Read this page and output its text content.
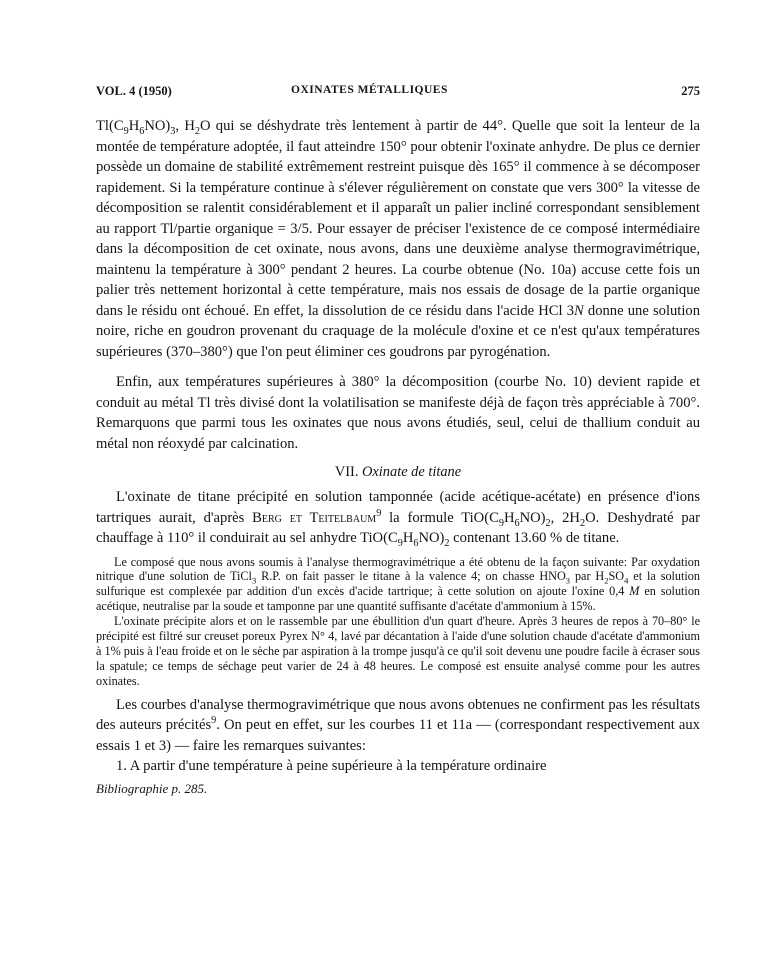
VOL. 4 (1950)	OXINATES MÉTALLIQUES	275

$Tl(C_9H_6NO)_3$, $H_2O$ qui se déshydrate très lentement à partir de 44°. Quelle que soit la lenteur de la montée de température adoptée, il faut atteindre 150° pour obtenir l'oxinate anhydre. De plus ce dernier possède un domaine de stabilité extrêmement restreint puisque dès 165° il commence à se décomposer rapidement. Si la température continue à s'élever régulièrement on constate que vers 300° la vitesse de décomposition se ralentit considérablement et il apparaît un palier incliné correspondant sensiblement au rapport Tl/partie organique = 3/5. Pour essayer de préciser l'existence de ce composé intermédiaire dans la décomposition de cet oxinate, nous avons, dans une deuxième analyse thermogravimétrique, maintenu la température à 300° pendant 2 heures. La courbe obtenue (No. 10a) accuse cette fois un palier très nettement horizontal à cette température, mais nos essais de dosage de la partie organique dans le résidu ont échoué. En effet, la dissolution de ce résidu dans l'acide HCl 3N donne une solution noire, riche en goudron provenant du craquage de la molécule d'oxine et ce n'est qu'aux températures supérieures (370–380°) que l'on peut éliminer ces goudrons par pyrogénation.

Enfin, aux températures supérieures à 380° la décomposition (courbe No. 10) devient rapide et conduit au métal Tl très divisé dont la volatilisation se manifeste déjà de façon très appréciable à 700°. Remarquons que parmi tous les oxinates que nous avons étudiés, seul, celui de thallium conduit au métal non réoxydé par calcination.

VII. Oxinate de titane

L'oxinate de titane précipité en solution tamponnée (acide acétique-acétate) en présence d'ions tartriques aurait, d'après Berg et Teitelbaum$^9$ la formule $TiO(C_9H_6NO)_2$, $2H_2O$. Deshydraté par chauffage à 110° il conduirait au sel anhydre $TiO(C_9H_6NO)_2$ contenant 13.60 % de titane.

Le composé que nous avons soumis à l'analyse thermogravimétrique a été obtenu de la façon suivante: Par oxydation nitrique d'une solution de TiCl$_3$ R.P. on fait passer le titane à la valence 4; on chasse $HNO_3$ par $H_2SO_4$ et la solution sulfurique est complexée par addition d'un excès d'acide tartrique; à cette solution on ajoute l'oxine 0,4 M en solution acétique, neutralise par la soude et tamponne par une quantité suffisante d'acétate d'ammonium à 15%.

L'oxinate précipite alors et on le rassemble par une ébullition d'un quart d'heure. Après 3 heures de repos à 70–80° le précipité est filtré sur creuset poreux Pyrex N° 4, lavé par décantation à l'aide d'une solution chaude d'acétate d'ammonium à 1% puis à l'eau froide et on le sèche par aspiration à la trompe jusqu'à ce qu'il soit devenu une poudre facile à écraser sous la spatule; ce temps de séchage peut varier de 24 à 48 heures. Le composé est ensuite analysé comme pour les autres oxinates.

Les courbes d'analyse thermogravimétrique que nous avons obtenues ne confirment pas les résultats des auteurs précités$^9$. On peut en effet, sur les courbes 11 et 11a — (correspondant respectivement aux essais 1 et 3) — faire les remarques suivantes:

1. A partir d'une température à peine supérieure à la température ordinaire

Bibliographie p. 285.
